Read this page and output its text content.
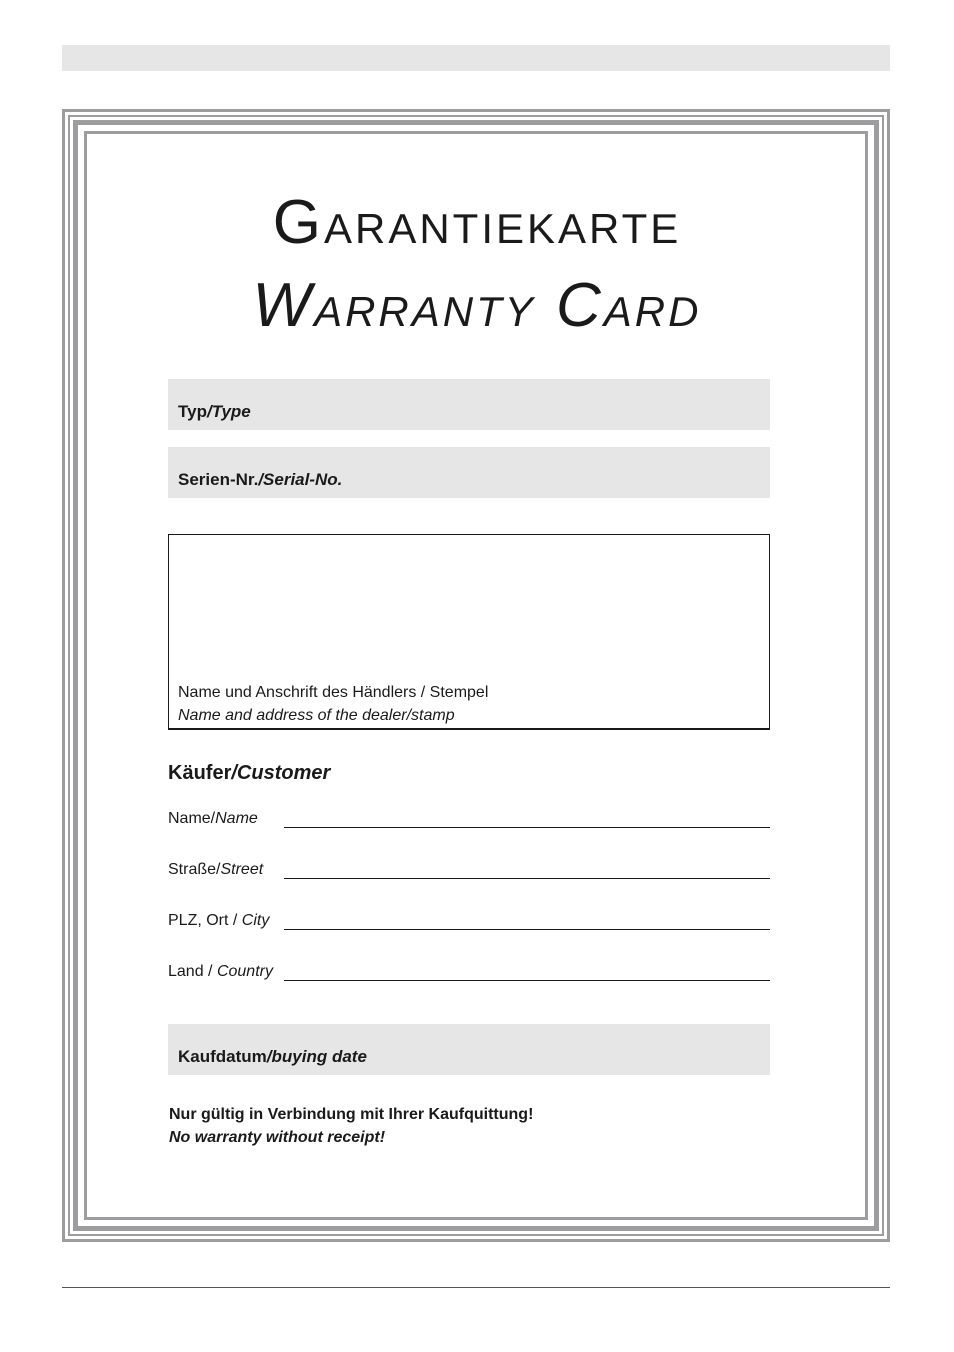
GARANTIEKARTE
WARRANTY CARD
Typ/Type
Serien-Nr./Serial-No.
Name und Anschrift des Händlers / Stempel
Name and address of the dealer/stamp
Käufer/Customer
Name/Name
Straße/Street
PLZ, Ort / City
Land / Country
Kaufdatum/buying date
Nur gültig in Verbindung mit Ihrer Kaufquittung!
No warranty without receipt!
